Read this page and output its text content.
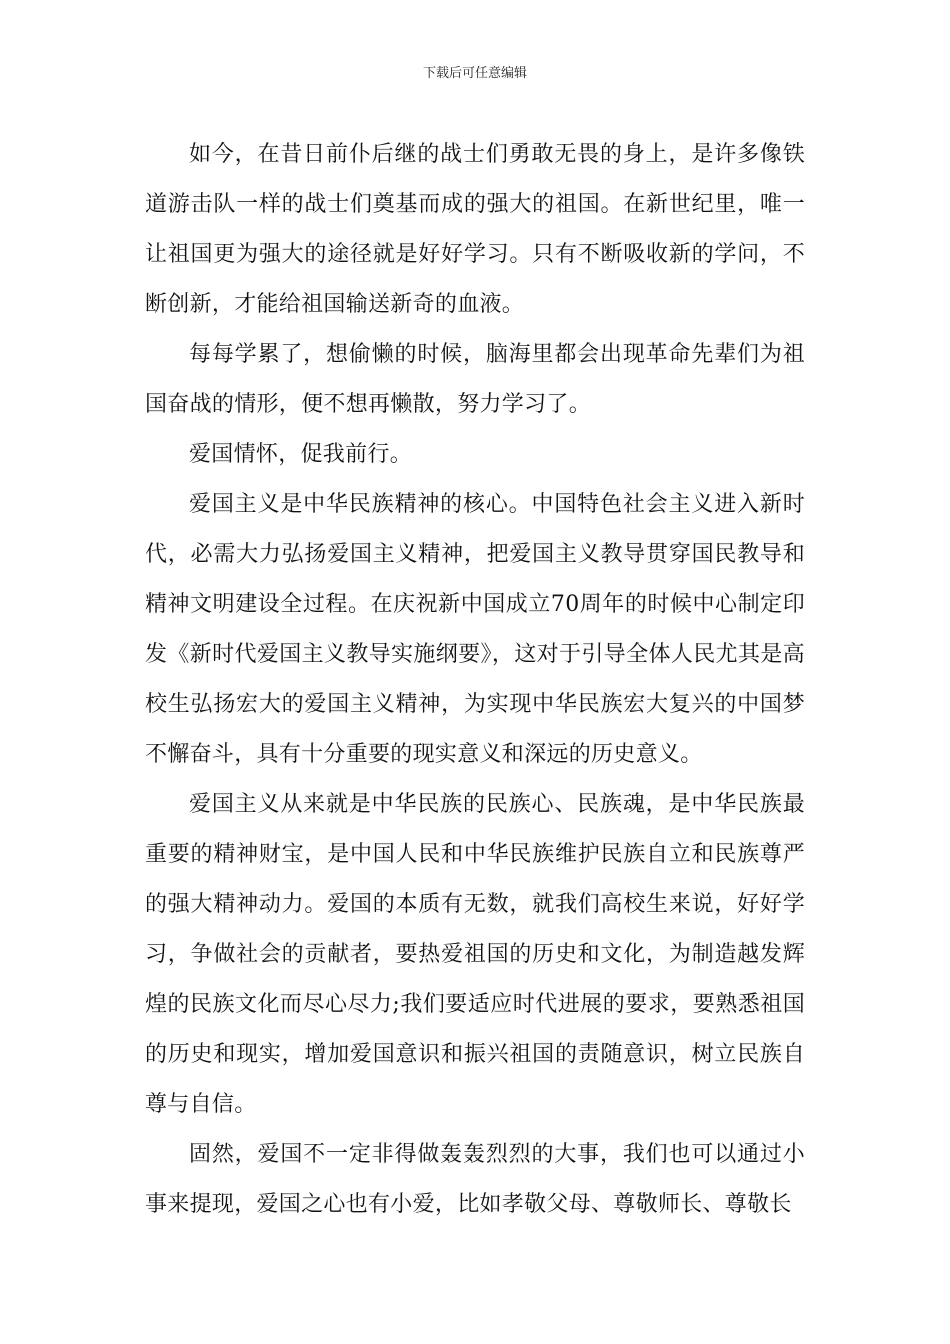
下载后可任意编辑

如今，在昔日前仆后继的战士们勇敢无畏的身上，是许多像铁道游击队一样的战士们奠基而成的强大的祖国。在新世纪里，唯一让祖国更为强大的途径就是好好学习。只有不断吸收新的学问，不断创新，才能给祖国输送新奇的血液。

每每学累了，想偷懒的时候，脑海里都会出现革命先辈们为祖国奋战的情形，便不想再懒散，努力学习了。

爱国情怀，促我前行。

爱国主义是中华民族精神的核心。中国特色社会主义进入新时代，必需大力弘扬爱国主义精神，把爱国主义教导贯穿国民教导和精神文明建设全过程。在庆祝新中国成立70周年的时候中心制定印发《新时代爱国主义教导实施纲要》，这对于引导全体人民尤其是高校生弘扬宏大的爱国主义精神，为实现中华民族宏大复兴的中国梦不懈奋斗，具有十分重要的现实意义和深远的历史意义。

爱国主义从来就是中华民族的民族心、民族魂，是中华民族最重要的精神财宝，是中国人民和中华民族维护民族自立和民族尊严的强大精神动力。爱国的本质有无数，就我们高校生来说，好好学习，争做社会的贡献者，要热爱祖国的历史和文化，为制造越发辉煌的民族文化而尽心尽力;我们要适应时代进展的要求，要熟悉祖国的历史和现实，增加爱国意识和振兴祖国的责随意识，树立民族自尊与自信。

固然，爱国不一定非得做轰轰烈烈的大事，我们也可以通过小事来提现，爱国之心也有小爱，比如孝敬父母、尊敬师长、尊敬长
